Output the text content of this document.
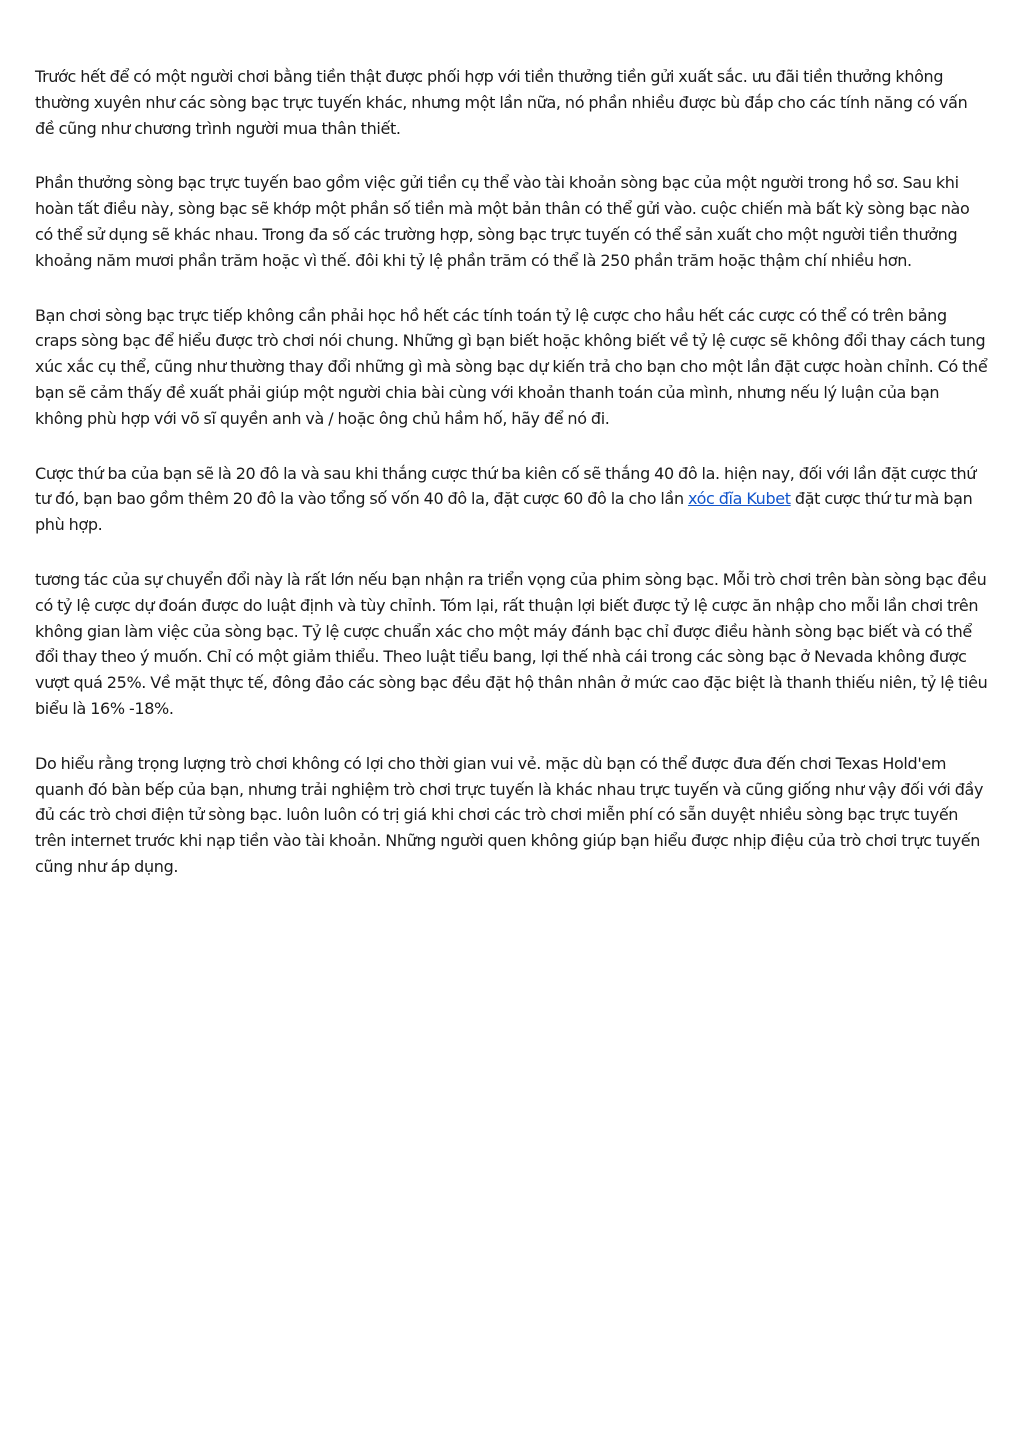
Trước hết để có một người chơi bằng tiền thật được phối hợp với tiền thưởng tiền gửi xuất sắc. ưu đãi tiền thưởng không thường xuyên như các sòng bạc trực tuyến khác, nhưng một lần nữa, nó phần nhiều được bù đắp cho các tính năng có vấn đề cũng như chương trình người mua thân thiết.

Phần thưởng sòng bạc trực tuyến bao gồm việc gửi tiền cụ thể vào tài khoản sòng bạc của một người trong hồ sơ. Sau khi hoàn tất điều này, sòng bạc sẽ khớp một phần số tiền mà một bản thân có thể gửi vào. cuộc chiến mà bất kỳ sòng bạc nào có thể sử dụng sẽ khác nhau. Trong đa số các trường hợp, sòng bạc trực tuyến có thể sản xuất cho một người tiền thưởng khoảng năm mươi phần trăm hoặc vì thế. đôi khi tỷ lệ phần trăm có thể là 250 phần trăm hoặc thậm chí nhiều hơn.

Bạn chơi sòng bạc trực tiếp không cần phải học hồ hết các tính toán tỷ lệ cược cho hầu hết các cược có thể có trên bảng craps sòng bạc để hiểu được trò chơi nói chung. Những gì bạn biết hoặc không biết về tỷ lệ cược sẽ không đổi thay cách tung xúc xắc cụ thể, cũng như thường thay đổi những gì mà sòng bạc dự kiến trả cho bạn cho một lần đặt cược hoàn chỉnh. Có thể bạn sẽ cảm thấy đề xuất phải giúp một người chia bài cùng với khoản thanh toán của mình, nhưng nếu lý luận của bạn không phù hợp với võ sĩ quyền anh và / hoặc ông chủ hầm hố, hãy để nó đi.

Cược thứ ba của bạn sẽ là 20 đô la và sau khi thắng cược thứ ba kiên cố sẽ thắng 40 đô la. hiện nay, đối với lần đặt cược thứ tư đó, bạn bao gồm thêm 20 đô la vào tổng số vốn 40 đô la, đặt cược 60 đô la cho lần xóc đĩa Kubet đặt cược thứ tư mà bạn phù hợp.

tương tác của sự chuyển đổi này là rất lớn nếu bạn nhận ra triển vọng của phim sòng bạc. Mỗi trò chơi trên bàn sòng bạc đều có tỷ lệ cược dự đoán được do luật định và tùy chỉnh. Tóm lại, rất thuận lợi biết được tỷ lệ cược ăn nhập cho mỗi lần chơi trên không gian làm việc của sòng bạc. Tỷ lệ cược chuẩn xác cho một máy đánh bạc chỉ được điều hành sòng bạc biết và có thể đổi thay theo ý muốn. Chỉ có một giảm thiểu. Theo luật tiểu bang, lợi thế nhà cái trong các sòng bạc ở Nevada không được vượt quá 25%. Về mặt thực tế, đông đảo các sòng bạc đều đặt hộ thân nhân ở mức cao đặc biệt là thanh thiếu niên, tỷ lệ tiêu biểu là 16% -18%.

Do hiểu rằng trọng lượng trò chơi không có lợi cho thời gian vui vẻ. mặc dù bạn có thể được đưa đến chơi Texas Hold'em quanh đó bàn bếp của bạn, nhưng trải nghiệm trò chơi trực tuyến là khác nhau trực tuyến và cũng giống như vậy đối với đầy đủ các trò chơi điện tử sòng bạc. luôn luôn có trị giá khi chơi các trò chơi miễn phí có sẵn duyệt nhiều sòng bạc trực tuyến trên internet trước khi nạp tiền vào tài khoản. Những người quen không giúp bạn hiểu được nhịp điệu của trò chơi trực tuyến cũng như áp dụng.
